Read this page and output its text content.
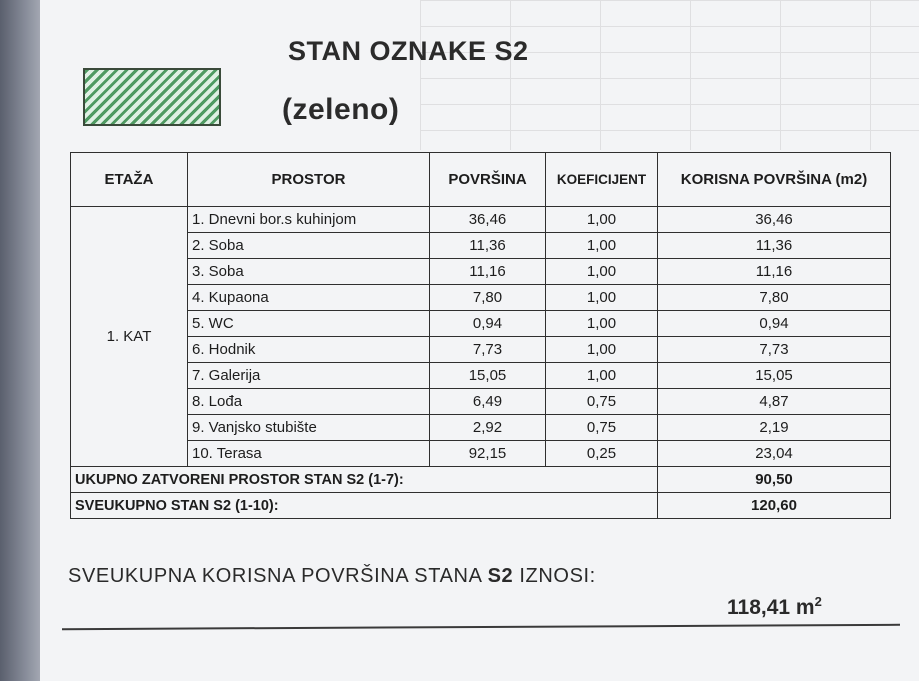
STAN OZNAKE S2
(zeleno)
ETAŽA	PROSTOR	POVRŠINA	KOEFICIJENT	KORISNA POVRŠINA (m2)
1. KAT	1. Dnevni bor.s kuhinjom	36,46	1,00	36,46
	2. Soba	11,36	1,00	11,36
	3. Soba	11,16	1,00	11,16
	4. Kupaona	7,80	1,00	7,80
	5. WC	0,94	1,00	0,94
	6. Hodnik	7,73	1,00	7,73
	7. Galerija	15,05	1,00	15,05
	8. Lođa	6,49	0,75	4,87
	9. Vanjsko stubište	2,92	0,75	2,19
	10. Terasa	92,15	0,25	23,04
UKUPNO ZATVORENI PROSTOR STAN S2 (1-7):				90,50
SVEUKUPNO STAN S2 (1-10):				120,60
SVEUKUPNA KORISNA POVRŠINA STANA S2 IZNOSI:
118,41 $m^2$
